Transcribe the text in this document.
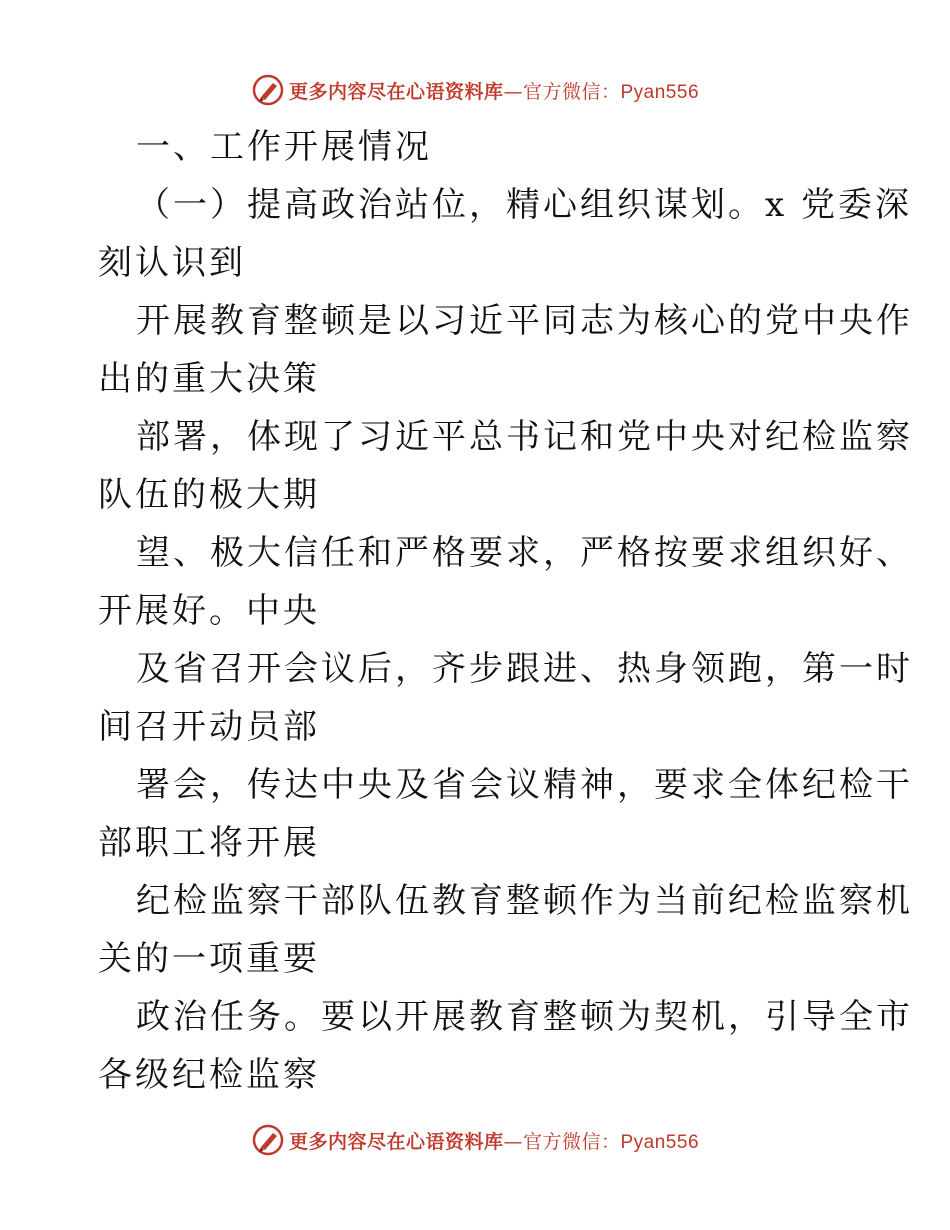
更多内容尽在心语资料库—官方微信：Pyan556
一、工作开展情况
（一）提高政治站位，精心组织谋划。x 党委深
刻认识到
开展教育整顿是以习近平同志为核心的党中央作
出的重大决策
部署，体现了习近平总书记和党中央对纪检监察
队伍的极大期
望、极大信任和严格要求，严格按要求组织好、
开展好。中央
及省召开会议后，齐步跟进、热身领跑，第一时
间召开动员部
署会，传达中央及省会议精神，要求全体纪检干
部职工将开展
纪检监察干部队伍教育整顿作为当前纪检监察机
关的一项重要
政治任务。要以开展教育整顿为契机，引导全市
各级纪检监察
更多内容尽在心语资料库—官方微信：Pyan556
